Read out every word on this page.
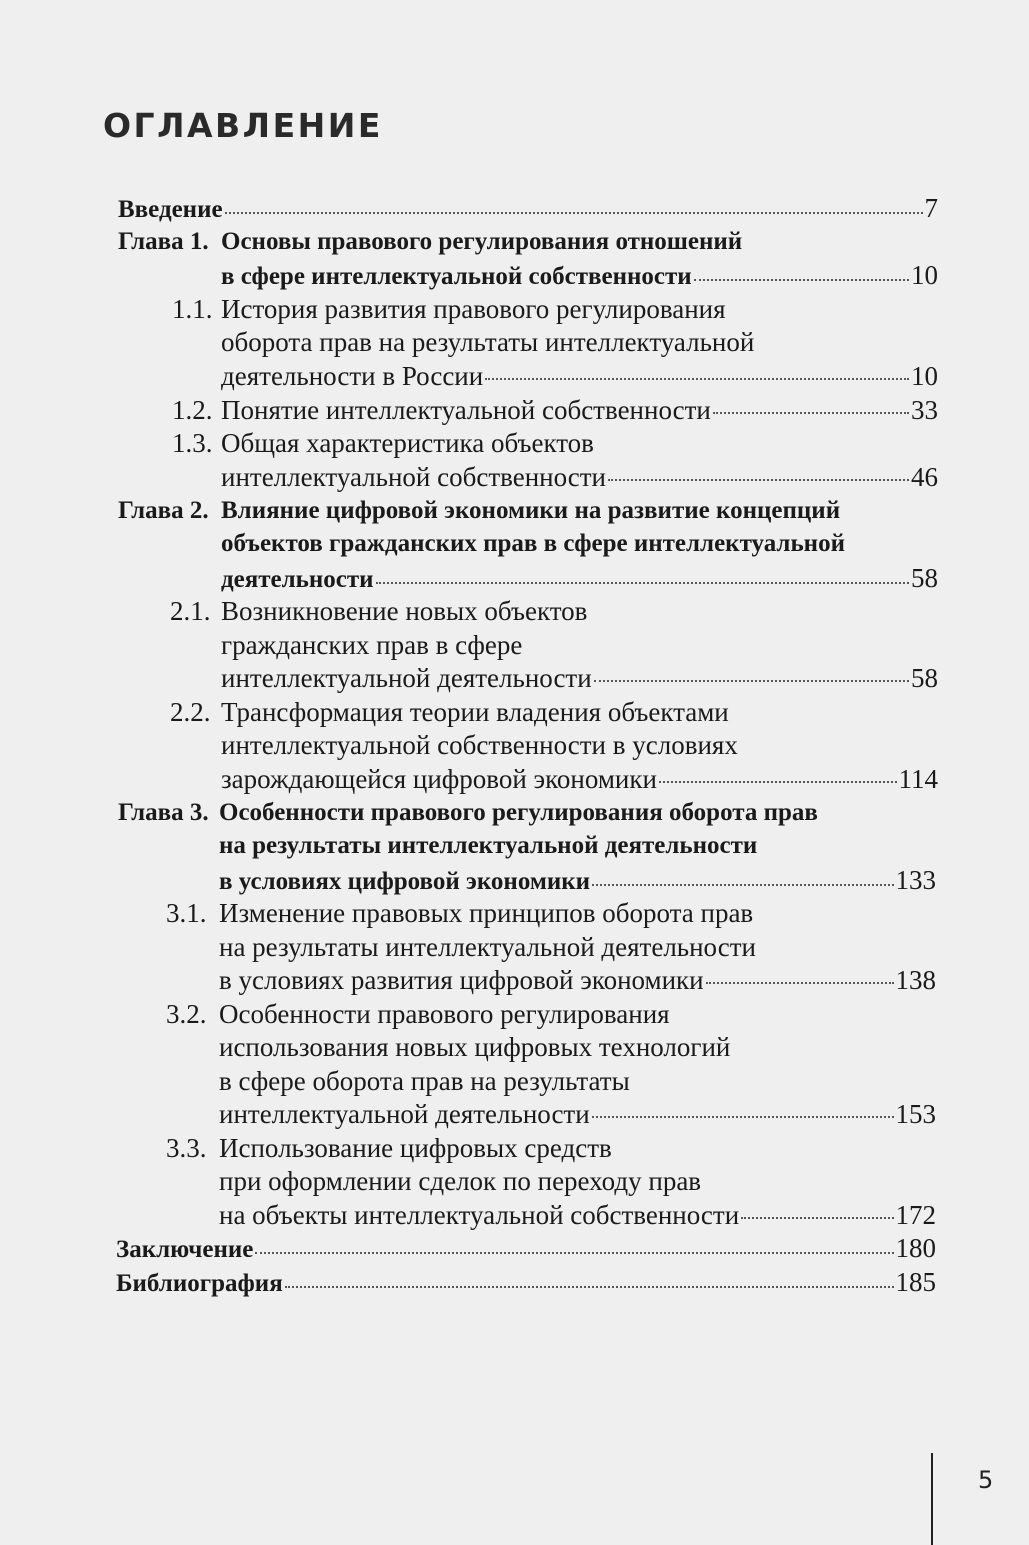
ОГЛАВЛЕНИЕ
Введение	7
Глава 1. Основы правового регулирования отношений
в сфере интеллектуальной собственности	10
1.1. История развития правового регулирования
оборота прав на результаты интеллектуальной
деятельности в России	10
1.2. Понятие интеллектуальной собственности	33
1.3. Общая характеристика объектов
интеллектуальной собственности	46
Глава 2. Влияние цифровой экономики на развитие концепций
объектов гражданских прав в сфере интеллектуальной
деятельности	58
2.1. Возникновение новых объектов
гражданских прав в сфере
интеллектуальной деятельности	58
2.2. Трансформация теории владения объектами
интеллектуальной собственности в условиях
зарождающейся цифровой экономики	114
Глава 3. Особенности правового регулирования оборота прав
на результаты интеллектуальной деятельности
в условиях цифровой экономики	133
3.1. Изменение правовых принципов оборота прав
на результаты интеллектуальной деятельности
в условиях развития цифровой экономики	138
3.2. Особенности правового регулирования
использования новых цифровых технологий
в сфере оборота прав на результаты
интеллектуальной деятельности	153
3.3. Использование цифровых средств
при оформлении сделок по переходу прав
на объекты интеллектуальной собственности	172
Заключение	180
Библиография	185
5
